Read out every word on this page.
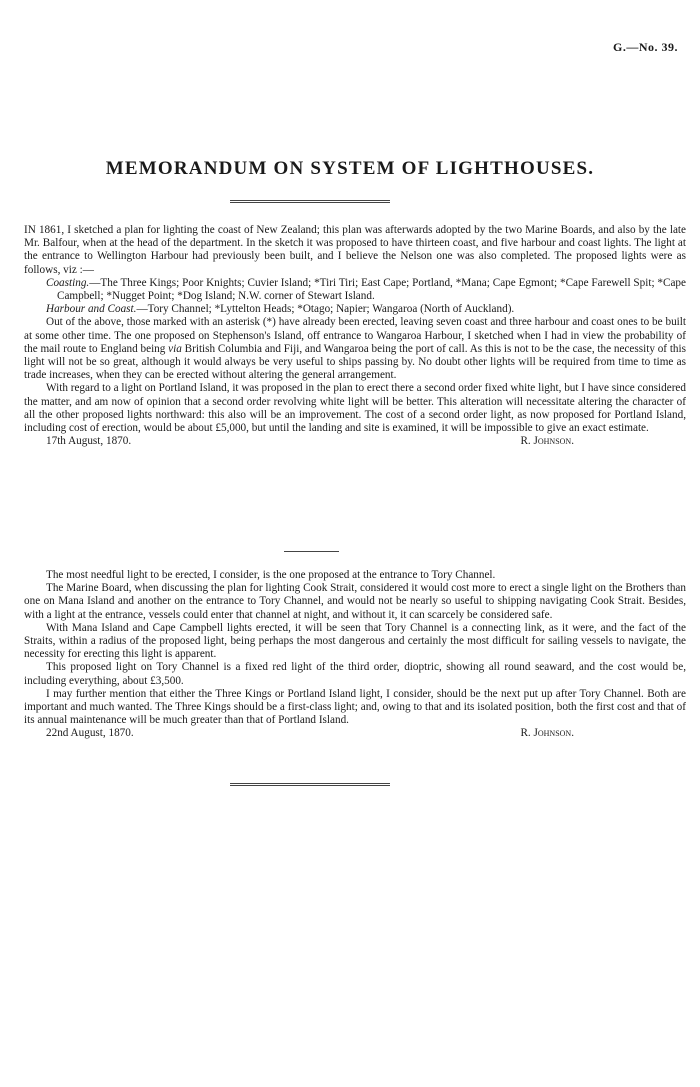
G.—No. 39.
MEMORANDUM ON SYSTEM OF LIGHTHOUSES.

IN 1861, I sketched a plan for lighting the coast of New Zealand; this plan was afterwards adopted by the two Marine Boards, and also by the late Mr. Balfour, when at the head of the department. In the sketch it was proposed to have thirteen coast, and five harbour and coast lights. The light at the entrance to Wellington Harbour had previously been built, and I believe the Nelson one was also completed. The proposed lights were as follows, viz :—

Coasting.—The Three Kings; Poor Knights; Cuvier Island; *Tiri Tiri; East Cape; Portland, *Mana; Cape Egmont; *Cape Farewell Spit; *Cape Campbell; *Nugget Point; *Dog Island; N.W. corner of Stewart Island.

Harbour and Coast.—Tory Channel; *Lyttelton Heads; *Otago; Napier; Wangaroa (North of Auckland).

Out of the above, those marked with an asterisk (*) have already been erected, leaving seven coast and three harbour and coast ones to be built at some other time. The one proposed on Stephenson's Island, off entrance to Wangaroa Harbour, I sketched when I had in view the probability of the mail route to England being via British Columbia and Fiji, and Wangaroa being the port of call. As this is not to be the case, the necessity of this light will not be so great, although it would always be very useful to ships passing by. No doubt other lights will be required from time to time as trade increases, when they can be erected without altering the general arrangement.

With regard to a light on Portland Island, it was proposed in the plan to erect there a second order fixed white light, but I have since considered the matter, and am now of opinion that a second order revolving white light will be better. This alteration will necessitate altering the character of all the other proposed lights northward: this also will be an improvement. The cost of a second order light, as now proposed for Portland Island, including cost of erection, would be about £5,000, but until the landing and site is examined, it will be impossible to give an exact estimate.

17th August, 1870.	R. Johnson.

The most needful light to be erected, I consider, is the one proposed at the entrance to Tory Channel.

The Marine Board, when discussing the plan for lighting Cook Strait, considered it would cost more to erect a single light on the Brothers than one on Mana Island and another on the entrance to Tory Channel, and would not be nearly so useful to shipping navigating Cook Strait. Besides, with a light at the entrance, vessels could enter that channel at night, and without it, it can scarcely be considered safe.

With Mana Island and Cape Campbell lights erected, it will be seen that Tory Channel is a connecting link, as it were, and the fact of the Straits, within a radius of the proposed light, being perhaps the most dangerous and certainly the most difficult for sailing vessels to navigate, the necessity for erecting this light is apparent.

This proposed light on Tory Channel is a fixed red light of the third order, dioptric, showing all round seaward, and the cost would be, including everything, about £3,500.

I may further mention that either the Three Kings or Portland Island light, I consider, should be the next put up after Tory Channel. Both are important and much wanted. The Three Kings should be a first-class light; and, owing to that and its isolated position, both the first cost and that of its annual maintenance will be much greater than that of Portland Island.

22nd August, 1870.	R. Johnson.
